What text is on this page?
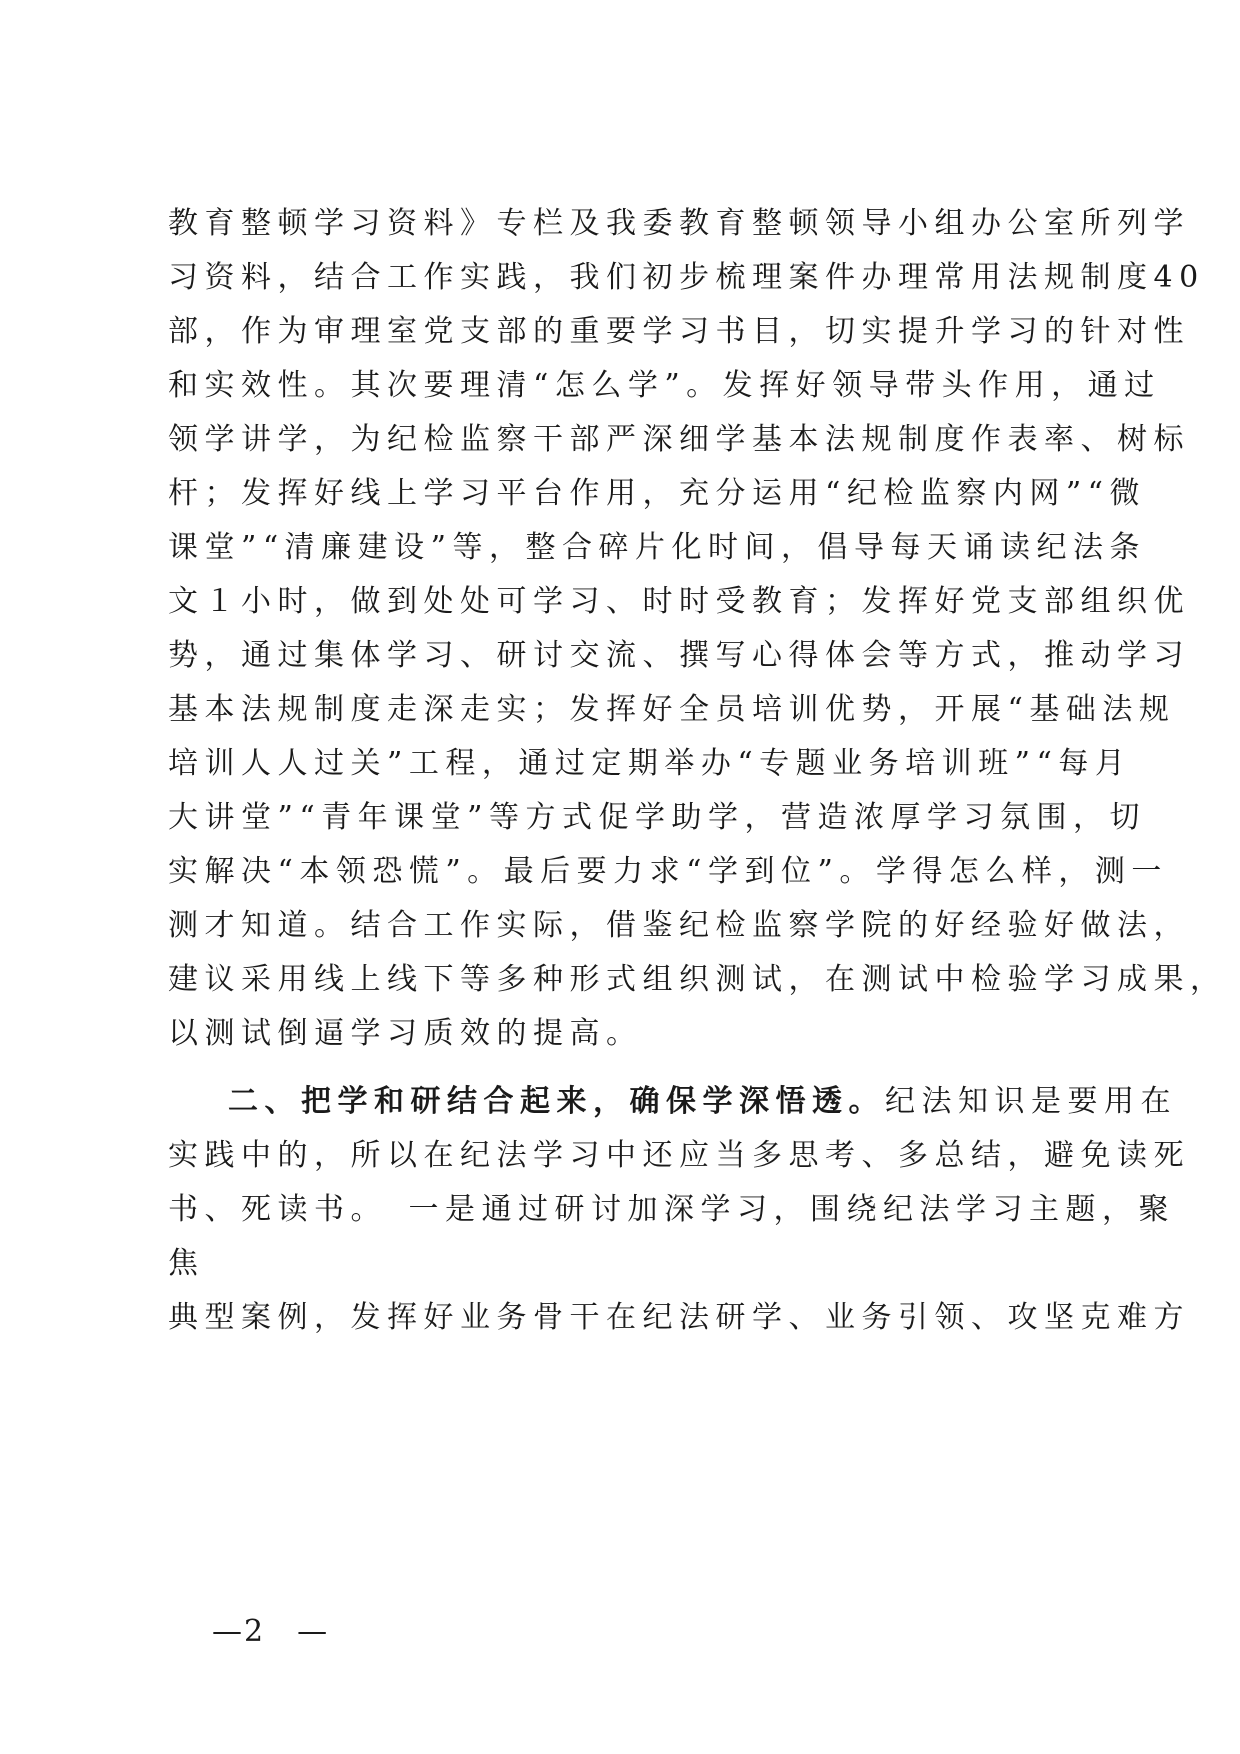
教育整顿学习资料》专栏及我委教育整顿领导小组办公室所列学
习资料，结合工作实践，我们初步梳理案件办理常用法规制度40
部，作为审理室党支部的重要学习书目，切实提升学习的针对性
和实效性。其次要理清“怎么学”。发挥好领导带头作用，通过
领学讲学，为纪检监察干部严深细学基本法规制度作表率、树标
杆；发挥好线上学习平台作用，充分运用“纪检监察内网”“微
课堂”“清廉建设”等，整合碎片化时间，倡导每天诵读纪法条
文１小时，做到处处可学习、时时受教育；发挥好党支部组织优
势，通过集体学习、研讨交流、撰写心得体会等方式，推动学习
基本法规制度走深走实；发挥好全员培训优势，开展“基础法规
培训人人过关”工程，通过定期举办“专题业务培训班”“每月
大讲堂”“青年课堂”等方式促学助学，营造浓厚学习氛围，切
实解决“本领恐慌”。最后要力求“学到位”。学得怎么样，测一
测才知道。结合工作实际，借鉴纪检监察学院的好经验好做法，
建议采用线上线下等多种形式组织测试，在测试中检验学习成果，
以测试倒逼学习质效的提高。
二、把学和研结合起来，确保学深悟透。纪法知识是要用在
实践中的，所以在纪法学习中还应当多思考、多总结，避免读死
书、死读书。　一是通过研讨加深学习，围绕纪法学习主题，聚
焦
典型案例，发挥好业务骨干在纪法研学、业务引领、攻坚克难方
—2　—
